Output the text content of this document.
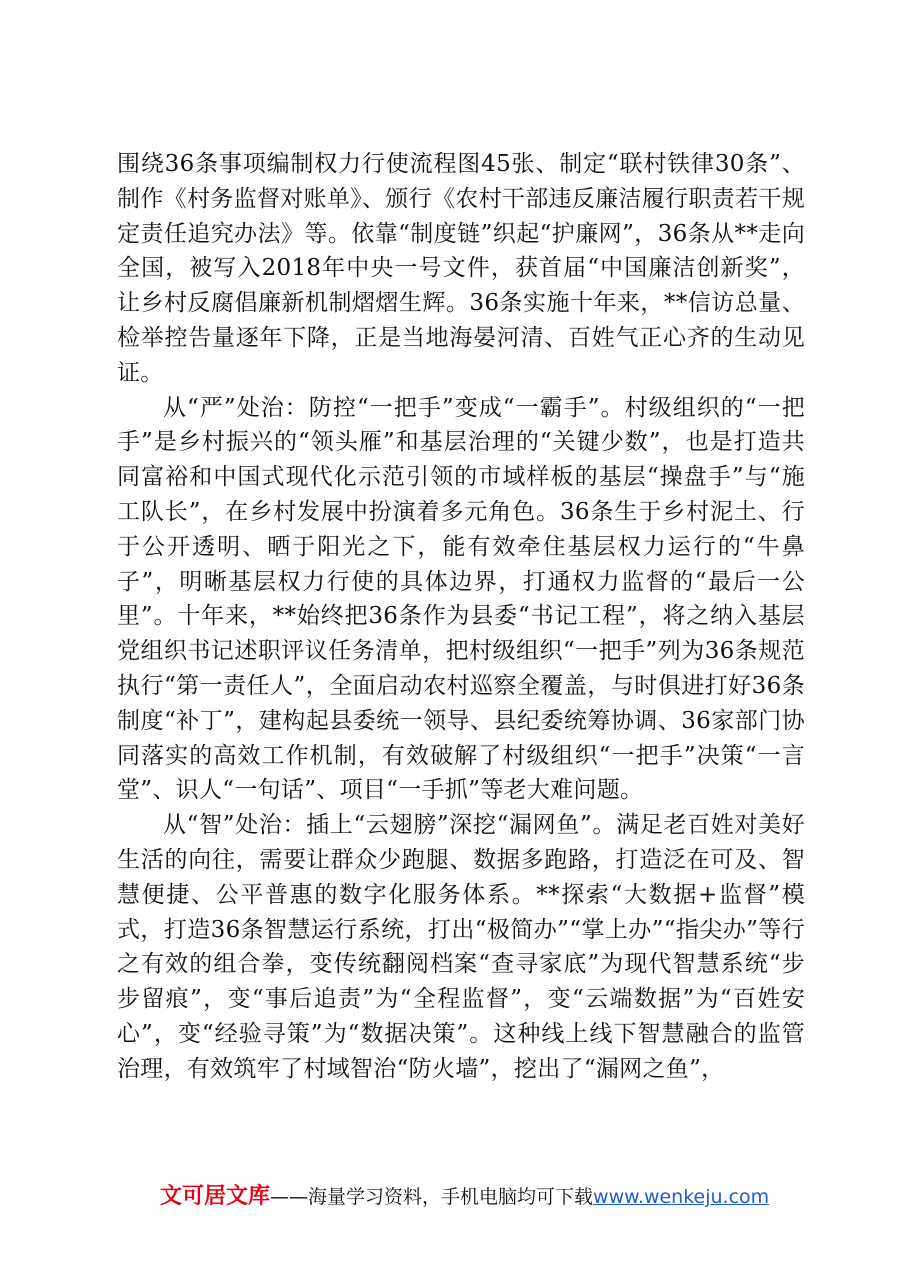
围绕36条事项编制权力行使流程图45张、制定“联村铁律30条”、制作《村务监督对账单》、颁行《农村干部违反廉洁履行职责若干规定责任追究办法》等。依靠“制度链”织起“护廉网”，36条从**走向全国，被写入2018年中央一号文件，获首届“中国廉洁创新奖”，让乡村反腐倡廉新机制熠熠生辉。36条实施十年来，**信访总量、检举控告量逐年下降，正是当地海晏河清、百姓气正心齐的生动见证。

从“严”处治：防控“一把手”变成“一霸手”。村级组织的“一把手”是乡村振兴的“领头雁”和基层治理的“关键少数”，也是打造共同富裕和中国式现代化示范引领的市域样板的基层“操盘手”与“施工队长”，在乡村发展中扮演着多元角色。36条生于乡村泥土、行于公开透明、晒于阳光之下，能有效牵住基层权力运行的“牛鼻子”，明晰基层权力行使的具体边界，打通权力监督的“最后一公里”。十年来，**始终把36条作为县委“书记工程”，将之纳入基层党组织书记述职评议任务清单，把村级组织“一把手”列为36条规范执行“第一责任人”，全面启动农村巡察全覆盖，与时俱进打好36条制度“补丁”，建构起县委统一领导、县纪委统筹协调、36家部门协同落实的高效工作机制，有效破解了村级组织“一把手”决策“一言堂”、识人“一句话”、项目“一手抓”等老大难问题。

从“智”处治：插上“云翅膀”深挖“漏网鱼”。满足老百姓对美好生活的向往，需要让群众少跑腿、数据多跑路，打造泛在可及、智慧便捷、公平普惠的数字化服务体系。**探索“大数据+监督”模式，打造36条智慧运行系统，打出“极简办”“掌上办”“指尖办”等行之有效的组合拳，变传统翻阅档案“查寻家底”为现代智慧系统“步步留痕”，变“事后追责”为“全程监督”，变“云端数据”为“百姓安心”，变“经验寻策”为“数据决策”。这种线上线下智慧融合的监管治理，有效筑牢了村域智治“防火墙”，挖出了“漏网之鱼”，

文可居文库——海量学习资料，手机电脑均可下载www.wenkeju.com
